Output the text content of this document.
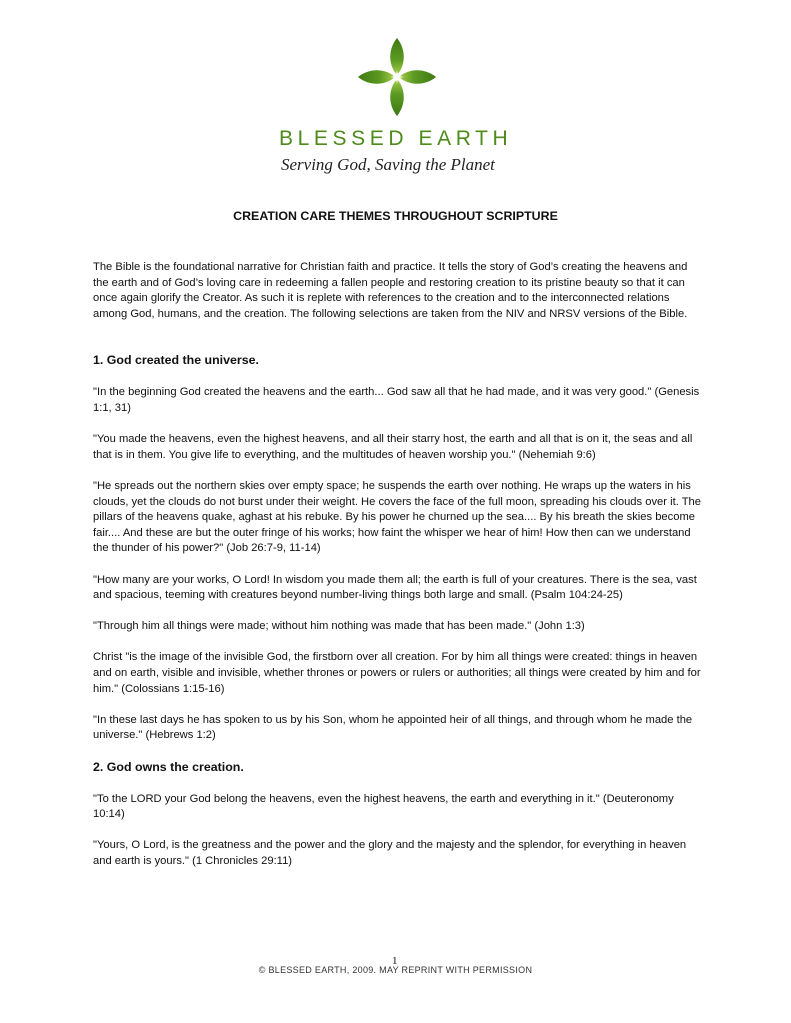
BLESSED EARTH
Serving God, Saving the Planet
CREATION CARE THEMES THROUGHOUT SCRIPTURE

The Bible is the foundational narrative for Christian faith and practice. It tells the story of God’s creating the heavens and the earth and of God’s loving care in redeeming a fallen people and restoring creation to its pristine beauty so that it can once again glorify the Creator. As such it is replete with references to the creation and to the interconnected relations among God, humans, and the creation. The following selections are taken from the NIV and NRSV versions of the Bible.

1. God created the universe.

"In the beginning God created the heavens and the earth... God saw all that he had made, and it was very good." (Genesis 1:1, 31)

"You made the heavens, even the highest heavens, and all their starry host, the earth and all that is on it, the seas and all that is in them. You give life to everything, and the multitudes of heaven worship you." (Nehemiah 9:6)

"He spreads out the northern skies over empty space; he suspends the earth over nothing. He wraps up the waters in his clouds, yet the clouds do not burst under their weight. He covers the face of the full moon, spreading his clouds over it. The pillars of the heavens quake, aghast at his rebuke. By his power he churned up the sea.... By his breath the skies become fair.... And these are but the outer fringe of his works; how faint the whisper we hear of him! How then can we understand the thunder of his power?" (Job 26:7-9, 11-14)

"How many are your works, O Lord! In wisdom you made them all; the earth is full of your creatures. There is the sea, vast and spacious, teeming with creatures beyond number-living things both large and small. (Psalm 104:24-25)

"Through him all things were made; without him nothing was made that has been made." (John 1:3)

Christ "is the image of the invisible God, the firstborn over all creation. For by him all things were created: things in heaven and on earth, visible and invisible, whether thrones or powers or rulers or authorities; all things were created by him and for him." (Colossians 1:15-16)

"In these last days he has spoken to us by his Son, whom he appointed heir of all things, and through whom he made the universe." (Hebrews 1:2)

2. God owns the creation.

"To the LORD your God belong the heavens, even the highest heavens, the earth and everything in it." (Deuteronomy 10:14)

"Yours, O Lord, is the greatness and the power and the glory and the majesty and the splendor, for everything in heaven and earth is yours." (1 Chronicles 29:11)

1
© BLESSED EARTH, 2009. MAY REPRINT WITH PERMISSION
